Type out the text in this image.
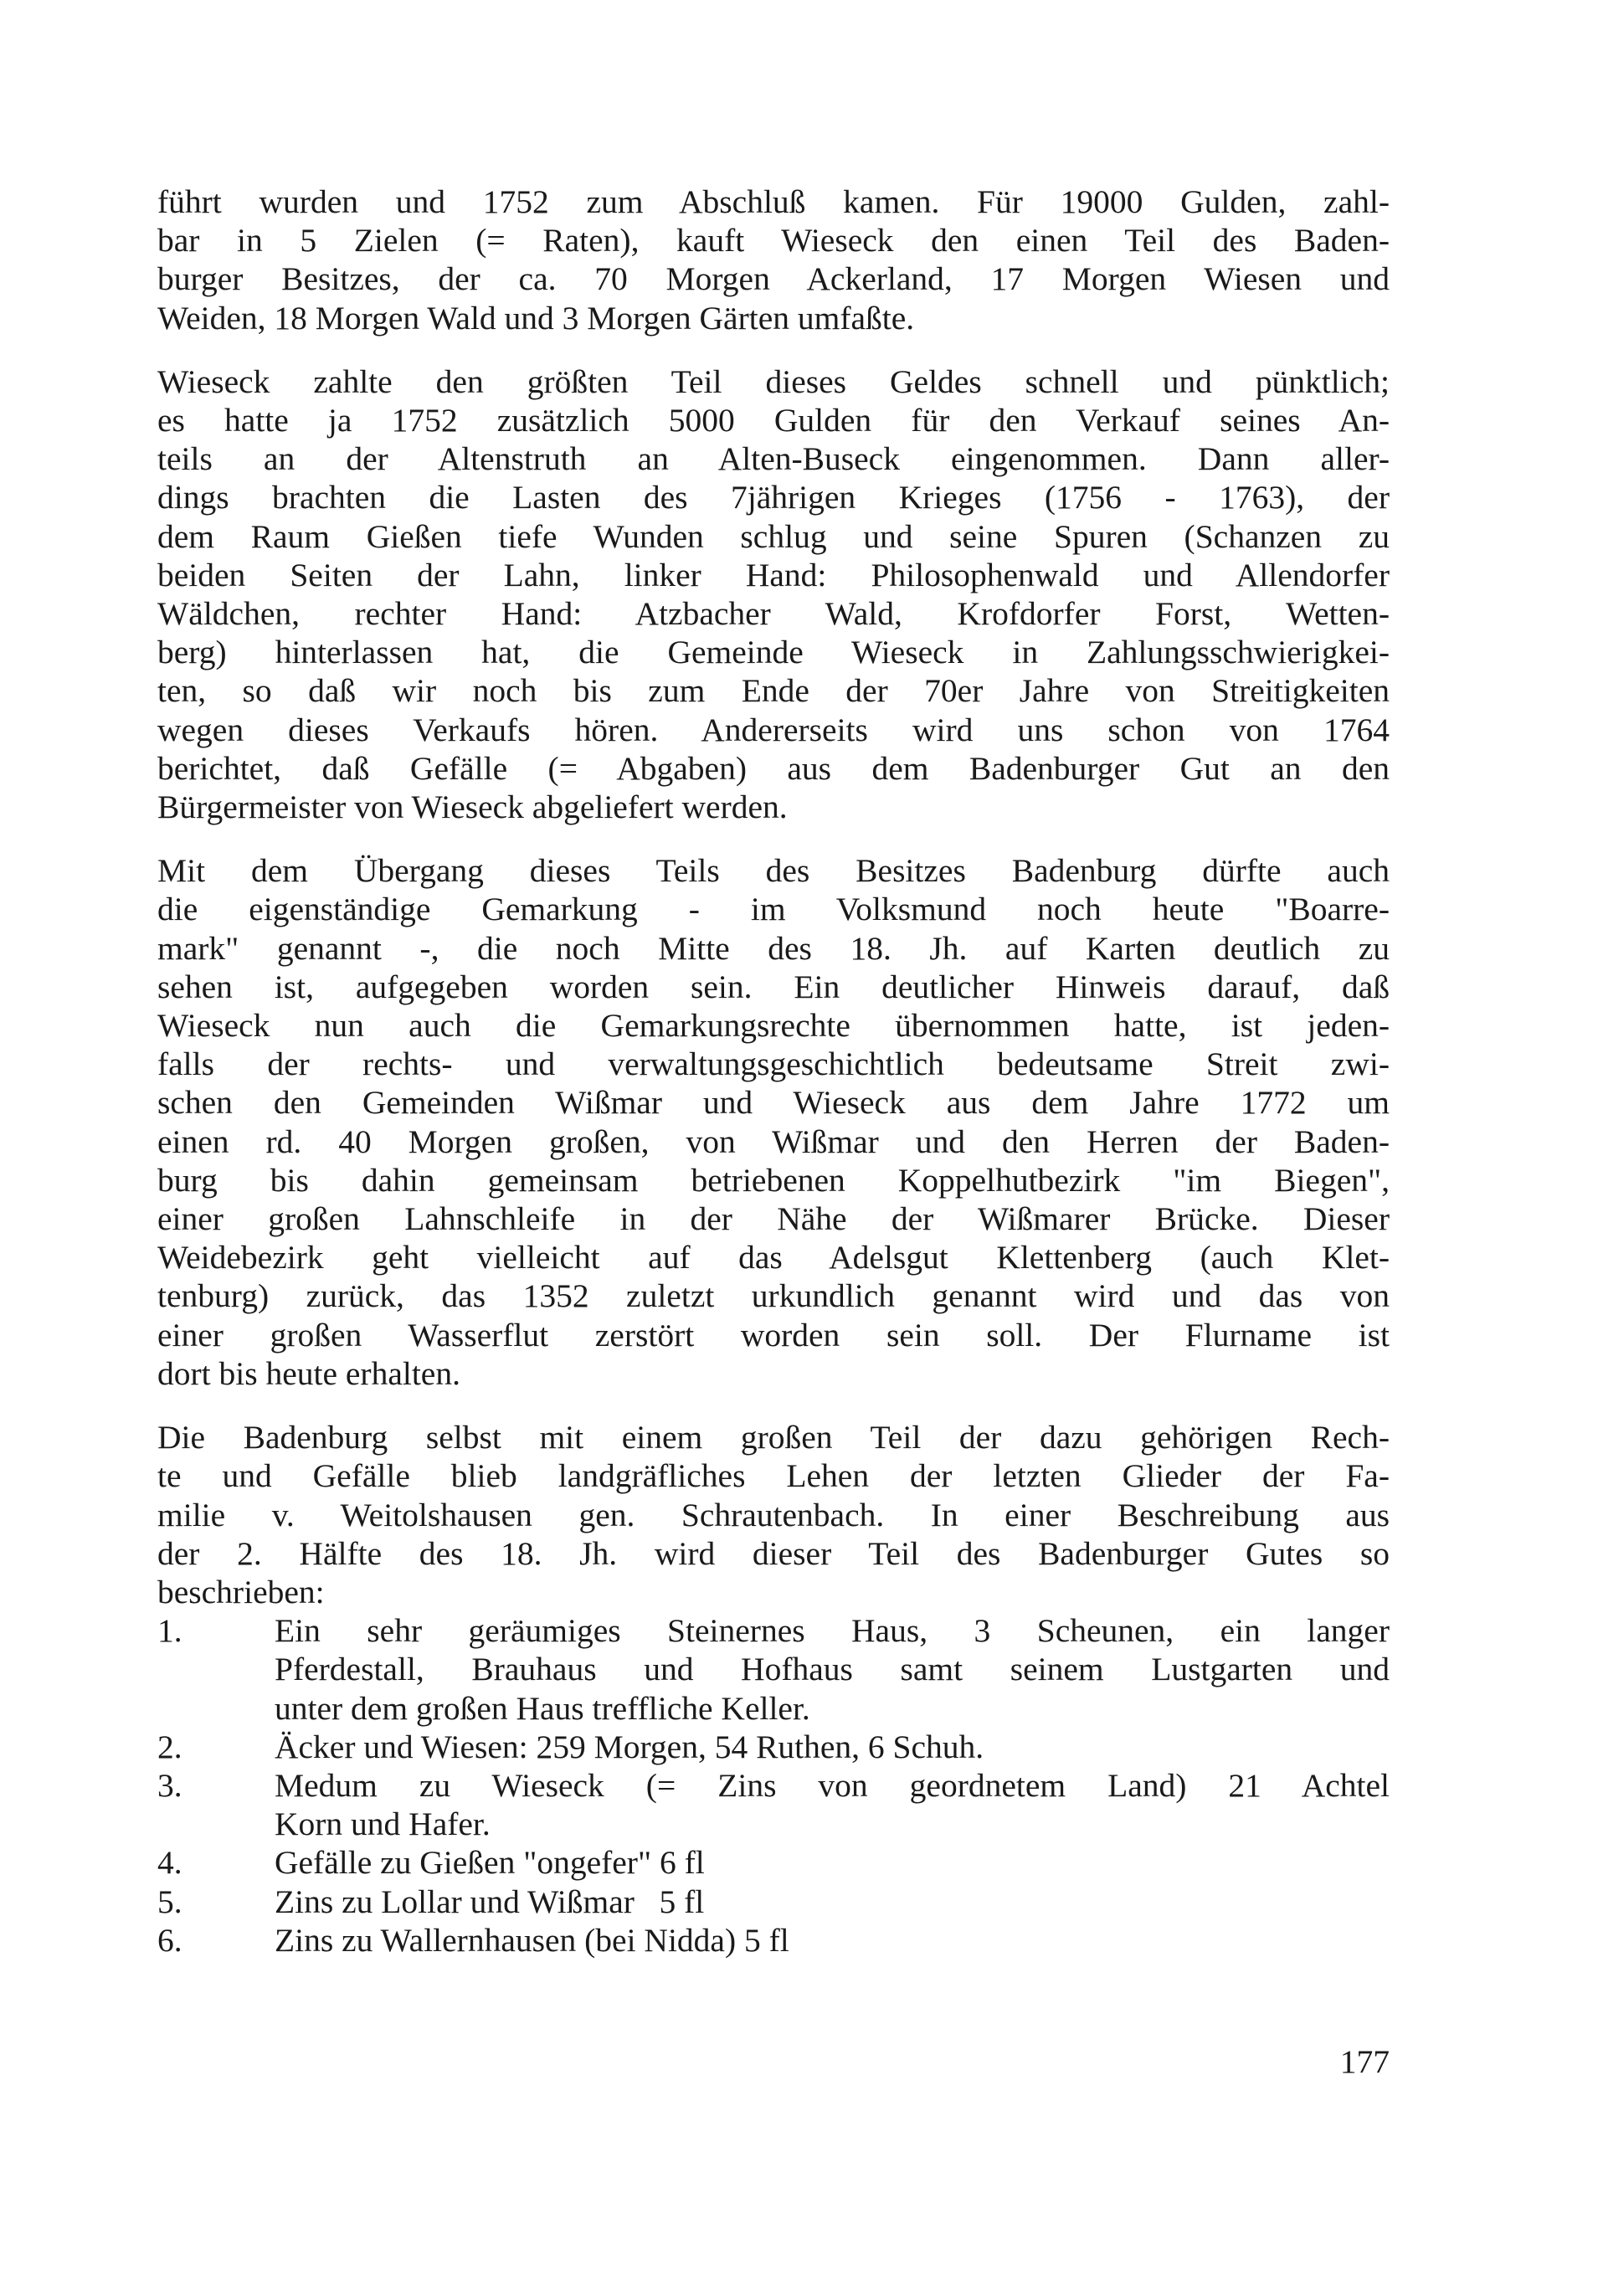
führt wurden und 1752 zum Abschluß kamen. Für 19000 Gulden, zahl-
bar in 5 Zielen (= Raten), kauft Wieseck den einen Teil des Baden-
burger Besitzes, der ca. 70 Morgen Ackerland, 17 Morgen Wiesen und
Weiden, 18 Morgen Wald und 3 Morgen Gärten umfaßte.
Wieseck zahlte den größten Teil dieses Geldes schnell und pünktlich;
es hatte ja 1752 zusätzlich 5000 Gulden für den Verkauf seines An-
teils an der Altenstruth an Alten-Buseck eingenommen. Dann aller-
dings brachten die Lasten des 7jährigen Krieges (1756 - 1763), der
dem Raum Gießen tiefe Wunden schlug und seine Spuren (Schanzen zu
beiden Seiten der Lahn, linker Hand: Philosophenwald und Allendorfer
Wäldchen, rechter Hand: Atzbacher Wald, Krofdorfer Forst, Wetten-
berg) hinterlassen hat, die Gemeinde Wieseck in Zahlungsschwierigkei-
ten, so daß wir noch bis zum Ende der 70er Jahre von Streitigkeiten
wegen dieses Verkaufs hören. Andererseits wird uns schon von 1764
berichtet, daß Gefälle (= Abgaben) aus dem Badenburger Gut an den
Bürgermeister von Wieseck abgeliefert werden.
Mit dem Übergang dieses Teils des Besitzes Badenburg dürfte auch
die eigenständige Gemarkung - im Volksmund noch heute "Boarre-
mark" genannt -, die noch Mitte des 18. Jh. auf Karten deutlich zu
sehen ist, aufgegeben worden sein. Ein deutlicher Hinweis darauf, daß
Wieseck nun auch die Gemarkungsrechte übernommen hatte, ist jeden-
falls der rechts- und verwaltungsgeschichtlich bedeutsame Streit zwi-
schen den Gemeinden Wißmar und Wieseck aus dem Jahre 1772 um
einen rd. 40 Morgen großen, von Wißmar und den Herren der Baden-
burg bis dahin gemeinsam betriebenen Koppelhutbezirk "im Biegen",
einer großen Lahnschleife in der Nähe der Wißmarer Brücke. Dieser
Weidebezirk geht vielleicht auf das Adelsgut Klettenberg (auch Klet-
tenburg) zurück, das 1352 zuletzt urkundlich genannt wird und das von
einer großen Wasserflut zerstört worden sein soll. Der Flurname ist
dort bis heute erhalten.
Die Badenburg selbst mit einem großen Teil der dazu gehörigen Rech-
te und Gefälle blieb landgräfliches Lehen der letzten Glieder der Fa-
milie v. Weitolshausen gen. Schrautenbach. In einer Beschreibung aus
der 2. Hälfte des 18. Jh. wird dieser Teil des Badenburger Gutes so
beschrieben:
1.	Ein sehr geräumiges Steinernes Haus, 3 Scheunen, ein langer
Pferdestall, Brauhaus und Hofhaus samt seinem Lustgarten und
unter dem großen Haus treffliche Keller.
2.	Äcker und Wiesen: 259 Morgen, 54 Ruthen, 6 Schuh.
3.	Medum zu Wieseck (= Zins von geordnetem Land) 21 Achtel
Korn und Hafer.
4.	Gefälle zu Gießen "ongefer" 6 fl
5.	Zins zu Lollar und Wißmar   5 fl
6.	Zins zu Wallernhausen (bei Nidda) 5 fl
177
